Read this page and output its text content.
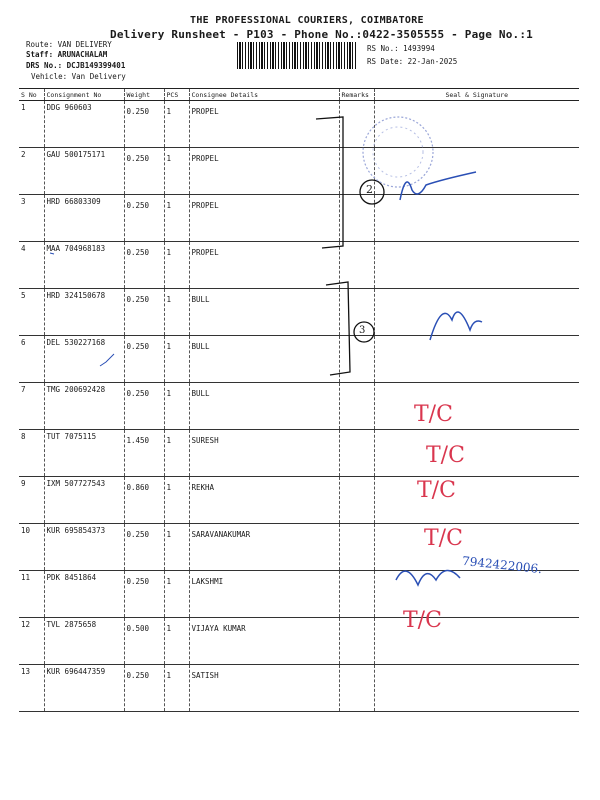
THE PROFESSIONAL COURIERS, COIMBATORE
Delivery Runsheet - P103 - Phone No.:0422-3505555 - Page No.:1
Route: VAN DELIVERY
Staff: ARUNACHALAM
DRS No.: DCJB149399401
Vehicle: Van Delivery
RS No.: 1493994
RS Date: 22-Jan-2025
S No	Consignment No	Weight	PCS	Consignee Details	Remarks	Seal & Signature
1	DDG 960603	0.250	1	PROPEL		
2	GAU 500175171	0.250	1	PROPEL		
3	HRD 66803309	0.250	1	PROPEL		
4	MAA 704968183	0.250	1	PROPEL		
5	HRD 324150678	0.250	1	BULL		
6	DEL 530227168	0.250	1	BULL		
7	TMG 200692428	0.250	1	BULL		
8	TUT 7075115	1.450	1	SURESH		
9	IXM 507727543	0.860	1	REKHA		
10	KUR 695854373	0.250	1	SARAVANAKUMAR		
11	PDK 8451864	0.250	1	LAKSHMI		
12	TVL 2875658	0.500	1	VIJAYA KUMAR		
13	KUR 696447359	0.250	1	SATISH		
2
3
T/C
T/C
T/C
T/C
T/C
7942422006.
